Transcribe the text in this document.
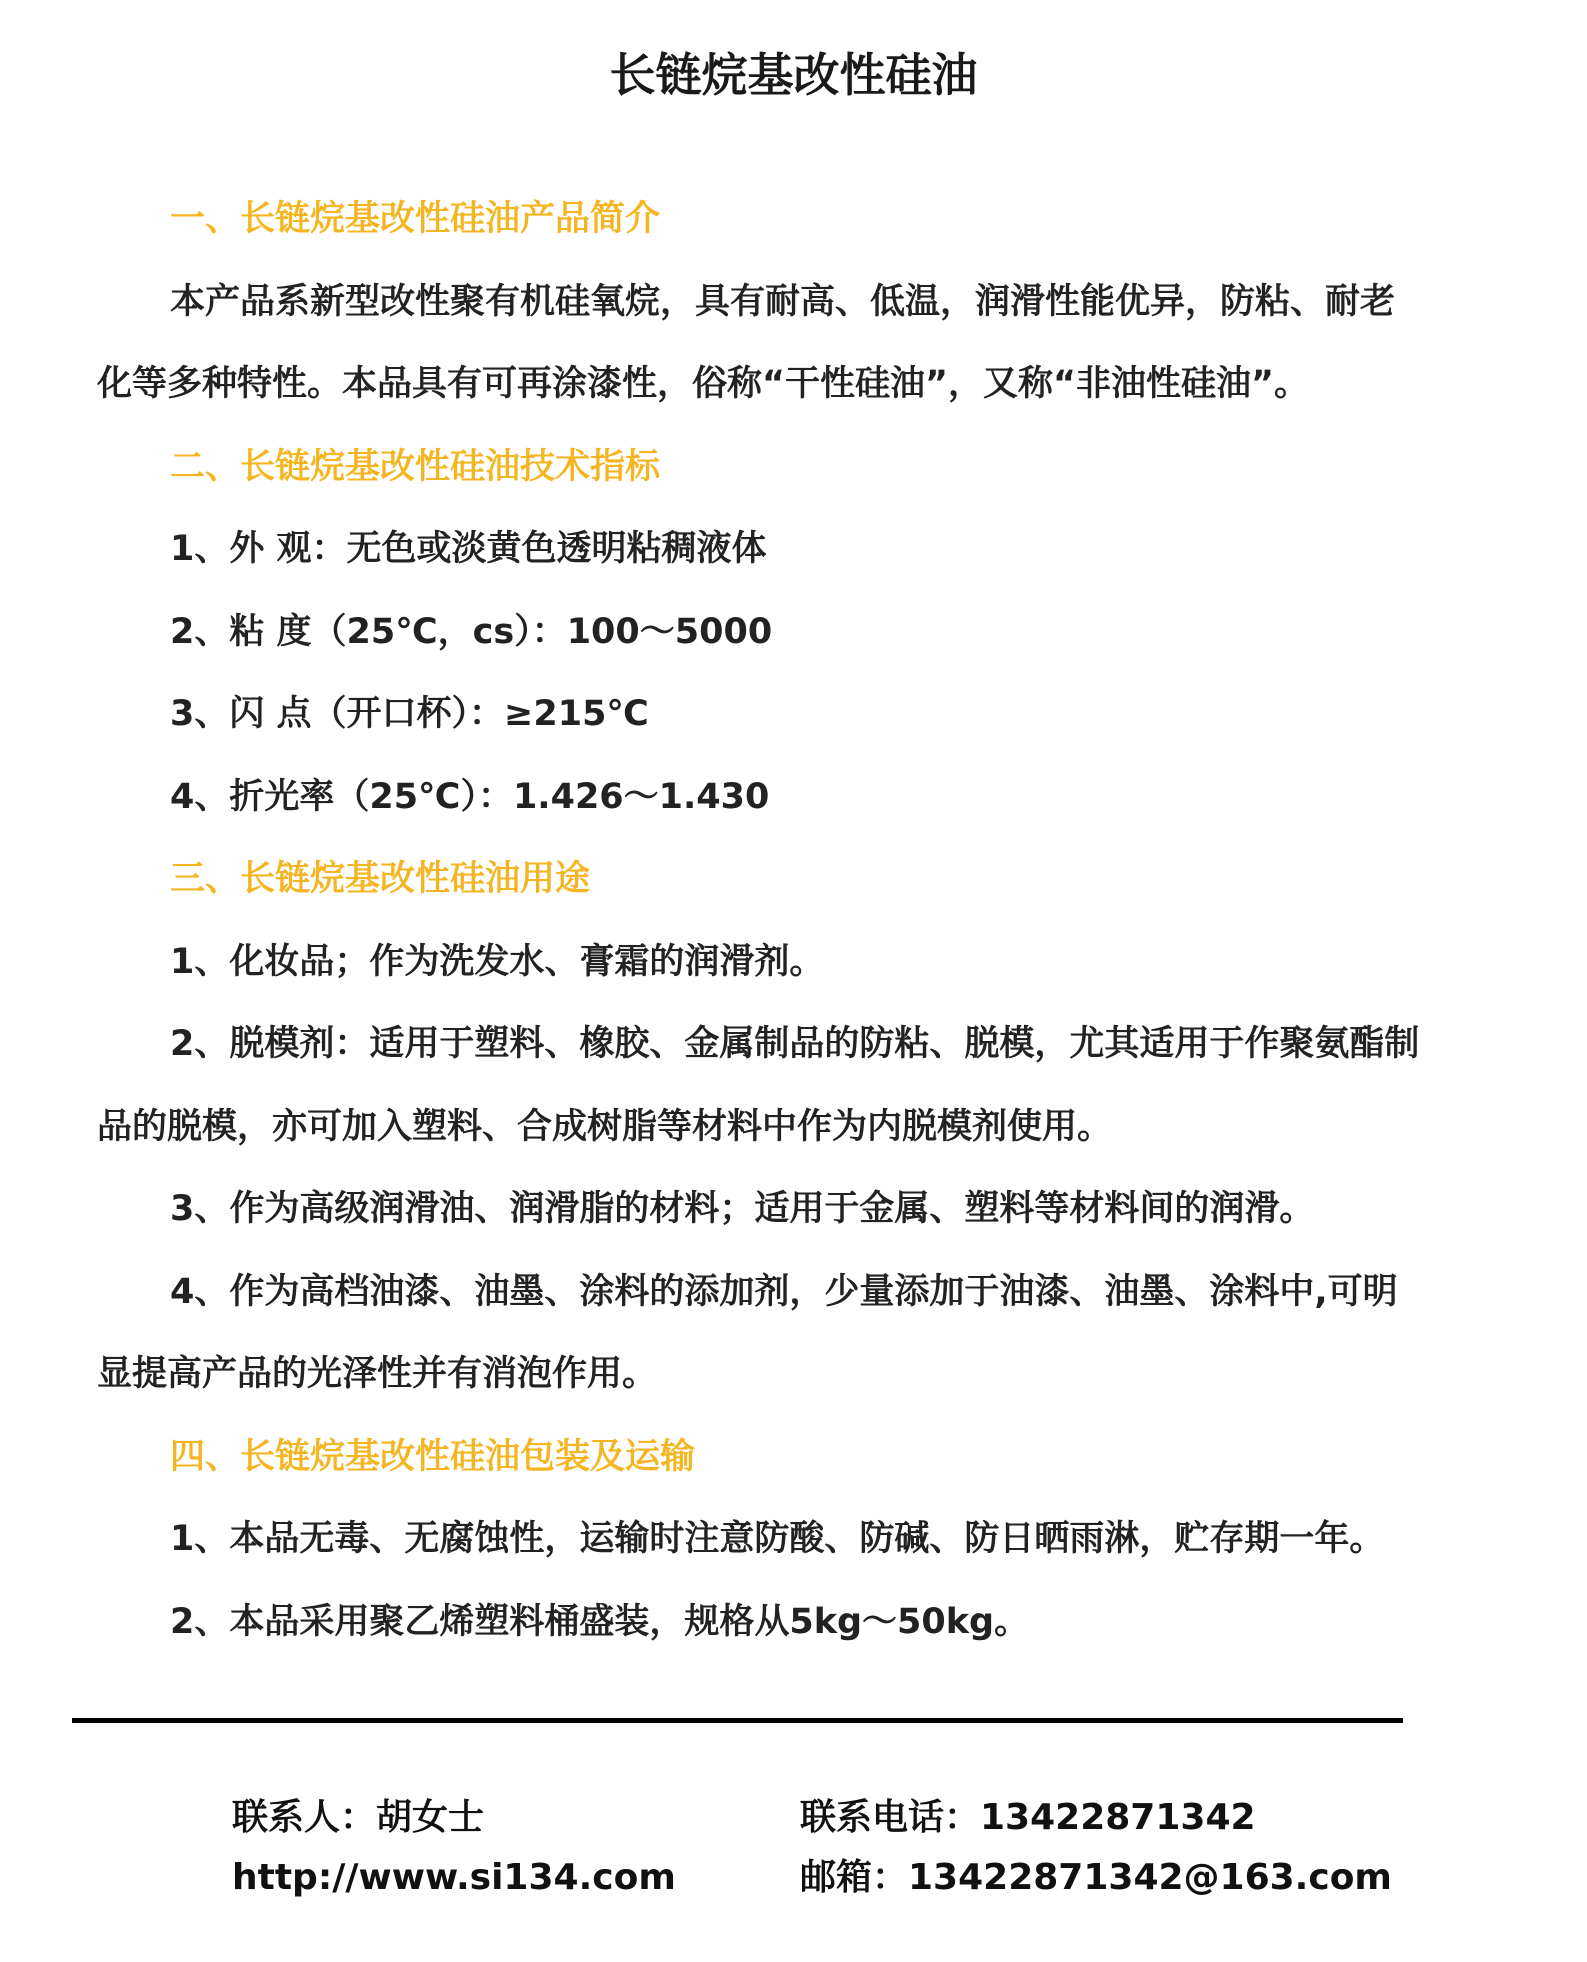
长链烷基改性硅油
一、长链烷基改性硅油产品简介
本产品系新型改性聚有机硅氧烷，具有耐高、低温，润滑性能优异，防粘、耐老
化等多种特性。本品具有可再涂漆性，俗称“干性硅油”，又称“非油性硅油”。
二、长链烷基改性硅油技术指标
1、外 观：无色或淡黄色透明粘稠液体
2、粘 度（25℃，cs）：100～5000
3、闪 点（开口杯）：≥215℃
4、折光率（25℃）：1.426～1.430
三、长链烷基改性硅油用途
1、化妆品；作为洗发水、膏霜的润滑剂。
2、脱模剂：适用于塑料、橡胶、金属制品的防粘、脱模，尤其适用于作聚氨酯制
品的脱模，亦可加入塑料、合成树脂等材料中作为内脱模剂使用。
3、作为高级润滑油、润滑脂的材料；适用于金属、塑料等材料间的润滑。
4、作为高档油漆、油墨、涂料的添加剂，少量添加于油漆、油墨、涂料中,可明
显提高产品的光泽性并有消泡作用。
四、长链烷基改性硅油包装及运输
1、本品无毒、无腐蚀性，运输时注意防酸、防碱、防日晒雨淋，贮存期一年。
2、本品采用聚乙烯塑料桶盛装，规格从5kg～50kg。
联系人：胡女士	联系电话：13422871342
http://www.si134.com	邮箱：13422871342@163.com
